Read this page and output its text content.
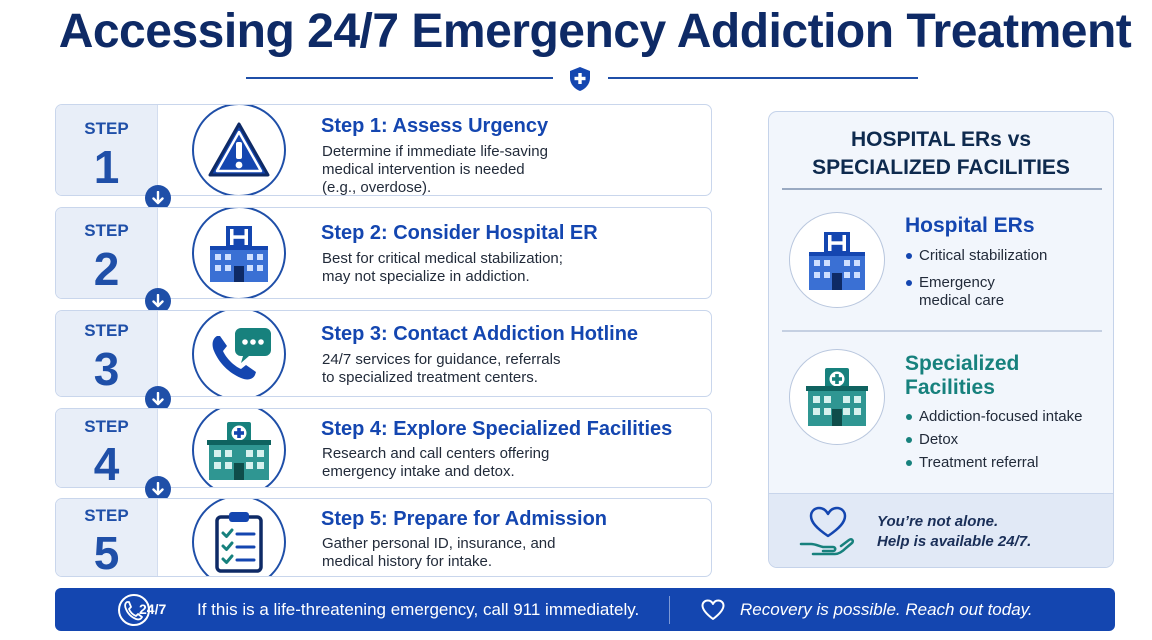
Accessing 24/7 Emergency Addiction Treatment
STEP
1
Step 1: Assess Urgency
Determine if immediate life-saving
medical intervention is needed
(e.g., overdose).
STEP
2
Step 2: Consider Hospital ER
Best for critical medical stabilization;
may not specialize in addiction.
STEP
3
Step 3: Contact Addiction Hotline
24/7 services for guidance, referrals
to specialized treatment centers.
STEP
4
Step 4: Explore Specialized Facilities
Research and call centers offering
emergency intake and detox.
STEP
5
Step 5: Prepare for Admission
Gather personal ID, insurance, and
medical history for intake.
HOSPITAL ERs vs
SPECIALIZED FACILITIES
Hospital ERs
Critical stabilization
Emergency
medical care
Specialized
Facilities
Addiction-focused intake
Detox
Treatment referral
You’re not alone.
Help is available 24/7.
24/7 If this is a life-threatening emergency, call 911 immediately.	Recovery is possible. Reach out today.
